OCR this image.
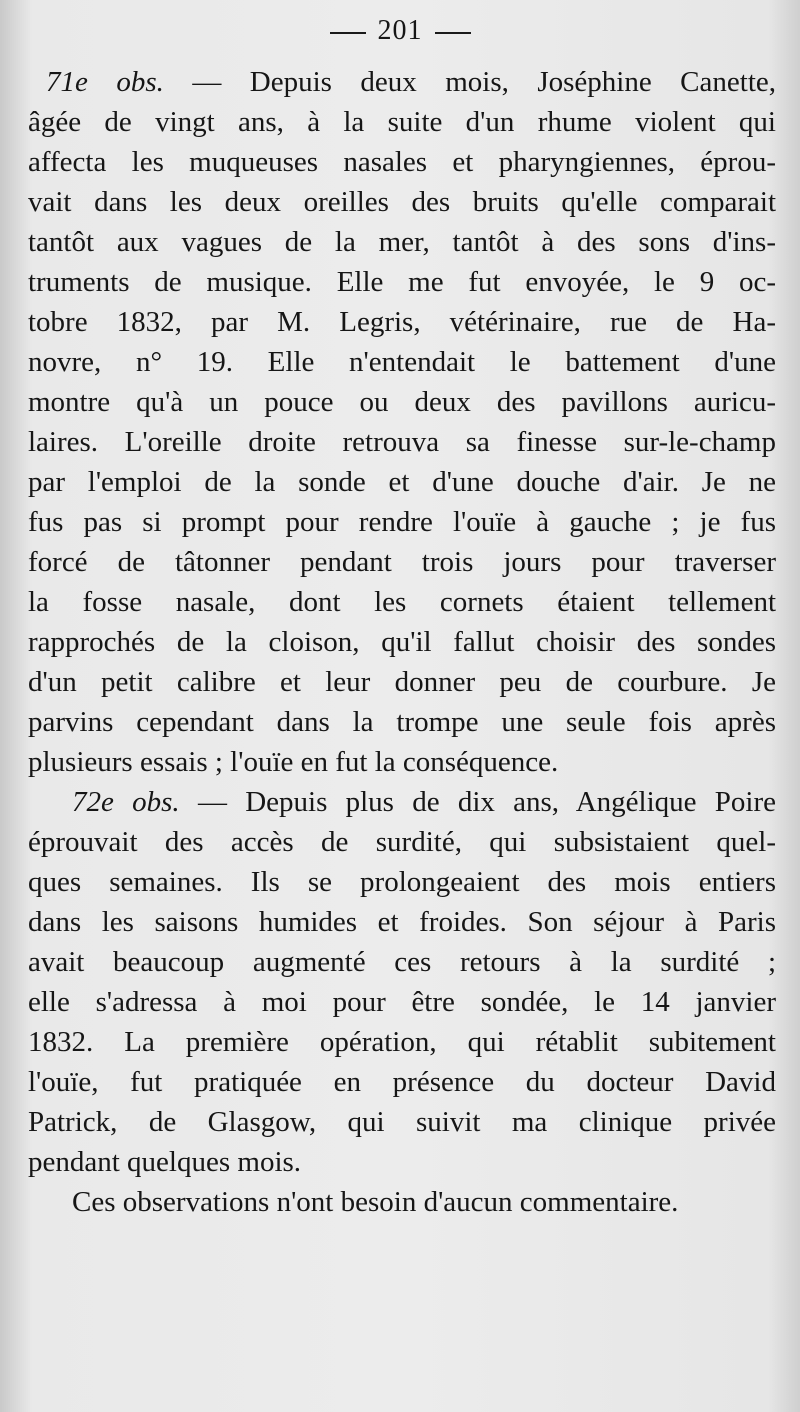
201
71e obs. — Depuis deux mois, Joséphine Canette,
âgée de vingt ans, à la suite d'un rhume violent qui
affecta les muqueuses nasales et pharyngiennes, éprou-
vait dans les deux oreilles des bruits qu'elle comparait
tantôt aux vagues de la mer, tantôt à des sons d'ins-
truments de musique. Elle me fut envoyée, le 9 oc-
tobre 1832, par M. Legris, vétérinaire, rue de Ha-
novre, n° 19. Elle n'entendait le battement d'une
montre qu'à un pouce ou deux des pavillons auricu-
laires. L'oreille droite retrouva sa finesse sur-le-champ
par l'emploi de la sonde et d'une douche d'air. Je ne
fus pas si prompt pour rendre l'ouïe à gauche ; je fus
forcé de tâtonner pendant trois jours pour traverser
la fosse nasale, dont les cornets étaient tellement
rapprochés de la cloison, qu'il fallut choisir des sondes
d'un petit calibre et leur donner peu de courbure. Je
parvins cependant dans la trompe une seule fois après
plusieurs essais ; l'ouïe en fut la conséquence.
72e obs. — Depuis plus de dix ans, Angélique Poire
éprouvait des accès de surdité, qui subsistaient quel-
ques semaines. Ils se prolongeaient des mois entiers
dans les saisons humides et froides. Son séjour à Paris
avait beaucoup augmenté ces retours à la surdité ;
elle s'adressa à moi pour être sondée, le 14 janvier
1832. La première opération, qui rétablit subitement
l'ouïe, fut pratiquée en présence du docteur David
Patrick, de Glasgow, qui suivit ma clinique privée
pendant quelques mois.
Ces observations n'ont besoin d'aucun commentaire.
